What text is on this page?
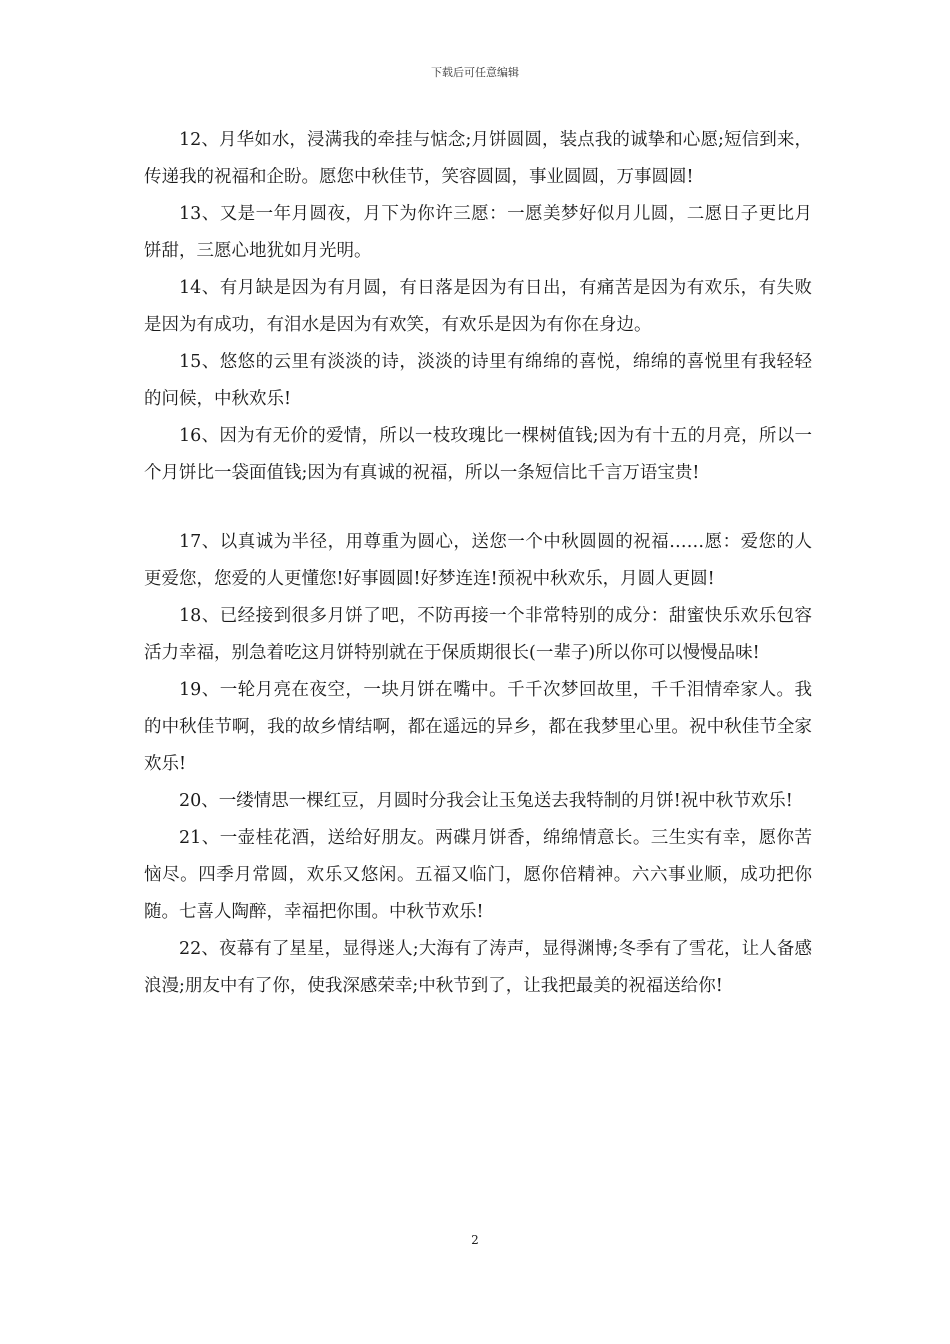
下载后可任意编辑

12、月华如水，浸满我的牵挂与惦念;月饼圆圆，装点我的诚挚和心愿;短信到来，传递我的祝福和企盼。愿您中秋佳节，笑容圆圆，事业圆圆，万事圆圆!

13、又是一年月圆夜，月下为你许三愿：一愿美梦好似月儿圆，二愿日子更比月饼甜，三愿心地犹如月光明。

14、有月缺是因为有月圆，有日落是因为有日出，有痛苦是因为有欢乐，有失败是因为有成功，有泪水是因为有欢笑，有欢乐是因为有你在身边。

15、悠悠的云里有淡淡的诗，淡淡的诗里有绵绵的喜悦，绵绵的喜悦里有我轻轻的问候，中秋欢乐!

16、因为有无价的爱情，所以一枝玫瑰比一棵树值钱;因为有十五的月亮，所以一个月饼比一袋面值钱;因为有真诚的祝福，所以一条短信比千言万语宝贵!

17、以真诚为半径，用尊重为圆心，送您一个中秋圆圆的祝福……愿：爱您的人更爱您，您爱的人更懂您!好事圆圆!好梦连连!预祝中秋欢乐，月圆人更圆!

18、已经接到很多月饼了吧，不防再接一个非常特别的成分：甜蜜快乐欢乐包容活力幸福，别急着吃这月饼特别就在于保质期很长(一辈子)所以你可以慢慢品味!

19、一轮月亮在夜空，一块月饼在嘴中。千千次梦回故里，千千泪情牵家人。我的中秋佳节啊，我的故乡情结啊，都在遥远的异乡，都在我梦里心里。祝中秋佳节全家欢乐!

20、一缕情思一棵红豆，月圆时分我会让玉兔送去我特制的月饼!祝中秋节欢乐!

21、一壶桂花酒，送给好朋友。两碟月饼香，绵绵情意长。三生实有幸，愿你苦恼尽。四季月常圆，欢乐又悠闲。五福又临门，愿你倍精神。六六事业顺，成功把你随。七喜人陶醉，幸福把你围。中秋节欢乐!

22、夜幕有了星星，显得迷人;大海有了涛声，显得渊博;冬季有了雪花，让人备感浪漫;朋友中有了你，使我深感荣幸;中秋节到了，让我把最美的祝福送给你!

2
